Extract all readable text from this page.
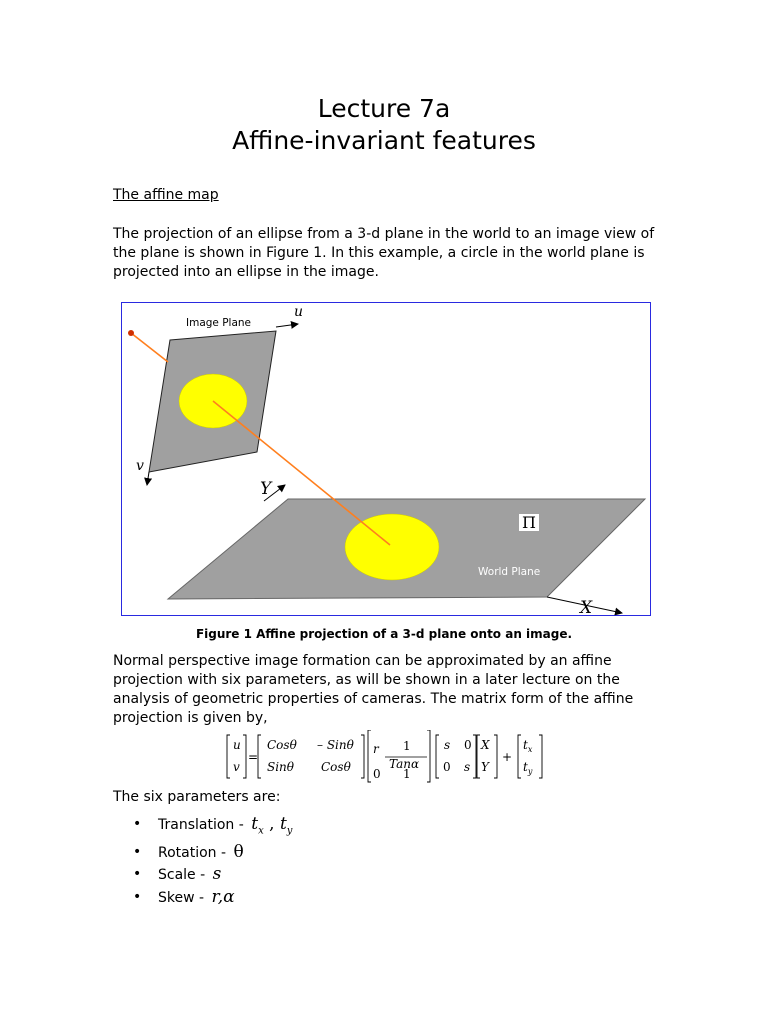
Lecture 7a
Affine-invariant features
The affine map
The projection of an ellipse from a 3-d plane in the world to an image view of the plane is shown in Figure 1. In this example, a circle in the world plane is projected into an ellipse in the image.
Image Plane
u
v
Y
X
Π
World Plane
Figure 1 Affine projection of a 3-d plane onto an image.
Normal perspective image formation can be approximated by an affine projection with six parameters, as will be shown in a later lecture on the analysis of geometric properties of cameras. The matrix form of the affine projection is given by,
u
v
=
Cosθ – Sinθ
Sinθ Cosθ
r 1
Tanα
0 1
s 0
0 s
X
Y
+
$t_x$
$t_y$
The six parameters are:
• Translation - $t_x$ , $t_y$
• Rotation - θ
• Scale - s
• Skew - r,α
